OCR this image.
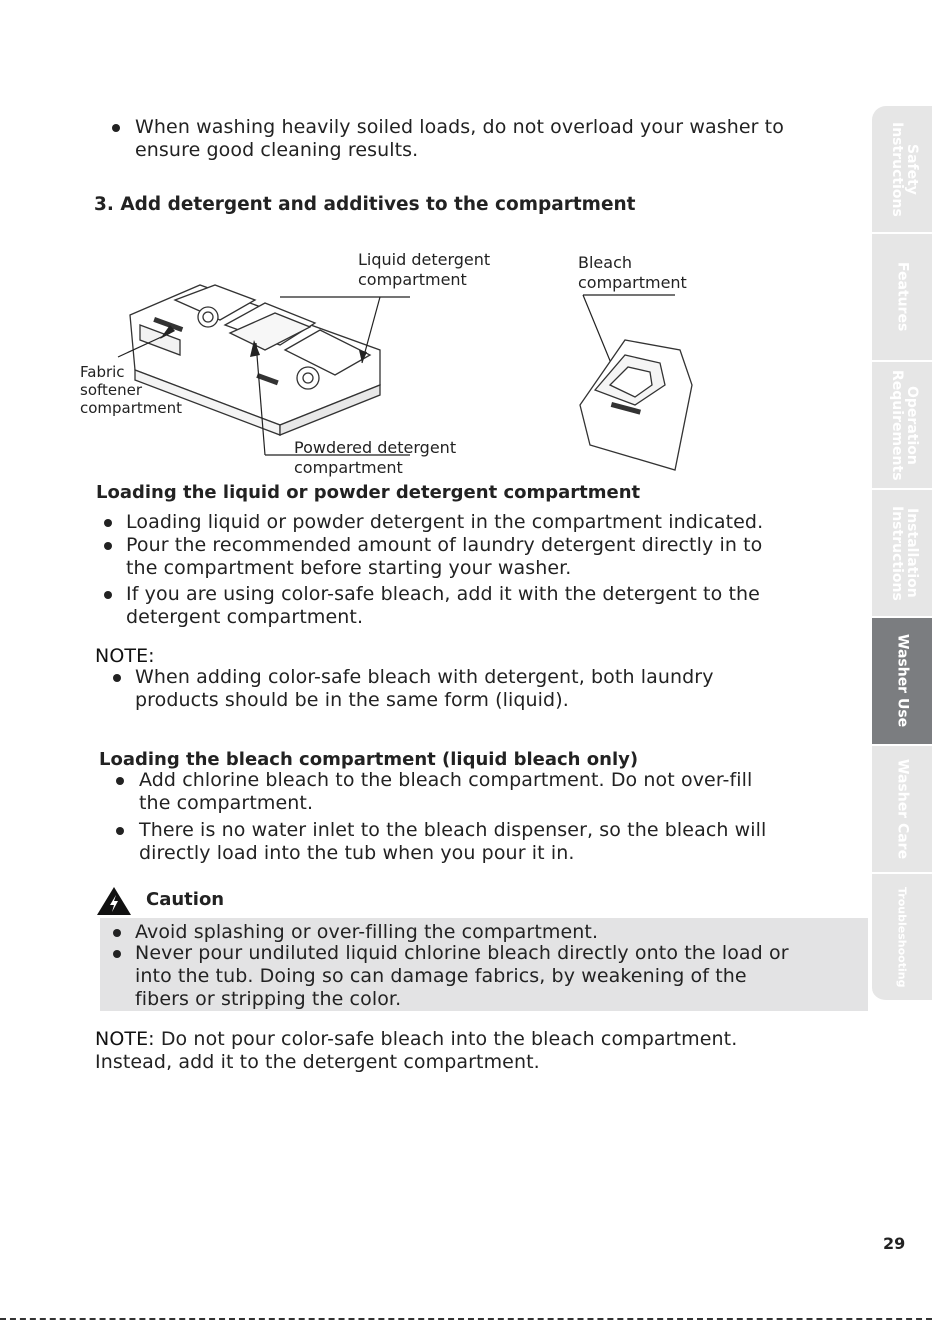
When washing heavily soiled loads, do not overload your washer to ensure good cleaning results.
3. Add detergent and additives to the compartment
Liquid detergent
compartment
Bleach
compartment
Fabric
softener
compartment
Powdered detergent
compartment
Loading the liquid or powder detergent compartment
Loading liquid or powder detergent in the compartment indicated.
Pour the recommended amount of laundry detergent directly in to the compartment before starting your washer.
If you are using color-safe bleach, add it with the detergent to the detergent compartment.
NOTE:
When adding color-safe bleach with detergent, both laundry products should be in the same form (liquid).
Loading the bleach compartment (liquid bleach only)
Add chlorine bleach to the bleach compartment. Do not over-fill the compartment.
There is no water inlet to the bleach dispenser, so the bleach will directly load into the tub when you pour it in.
Caution
Avoid splashing or over-filling the compartment.
Never pour undiluted liquid chlorine bleach directly onto the load or into the tub. Doing so can damage fabrics, by weakening of the fibers or stripping the color.
NOTE: Do not pour color-safe bleach into the bleach compartment. Instead, add it to the detergent compartment.
Safety Instructions
Features
Operation Requirements
Installation Instructions
Washer Use
Washer Care
Troubleshooting
29
